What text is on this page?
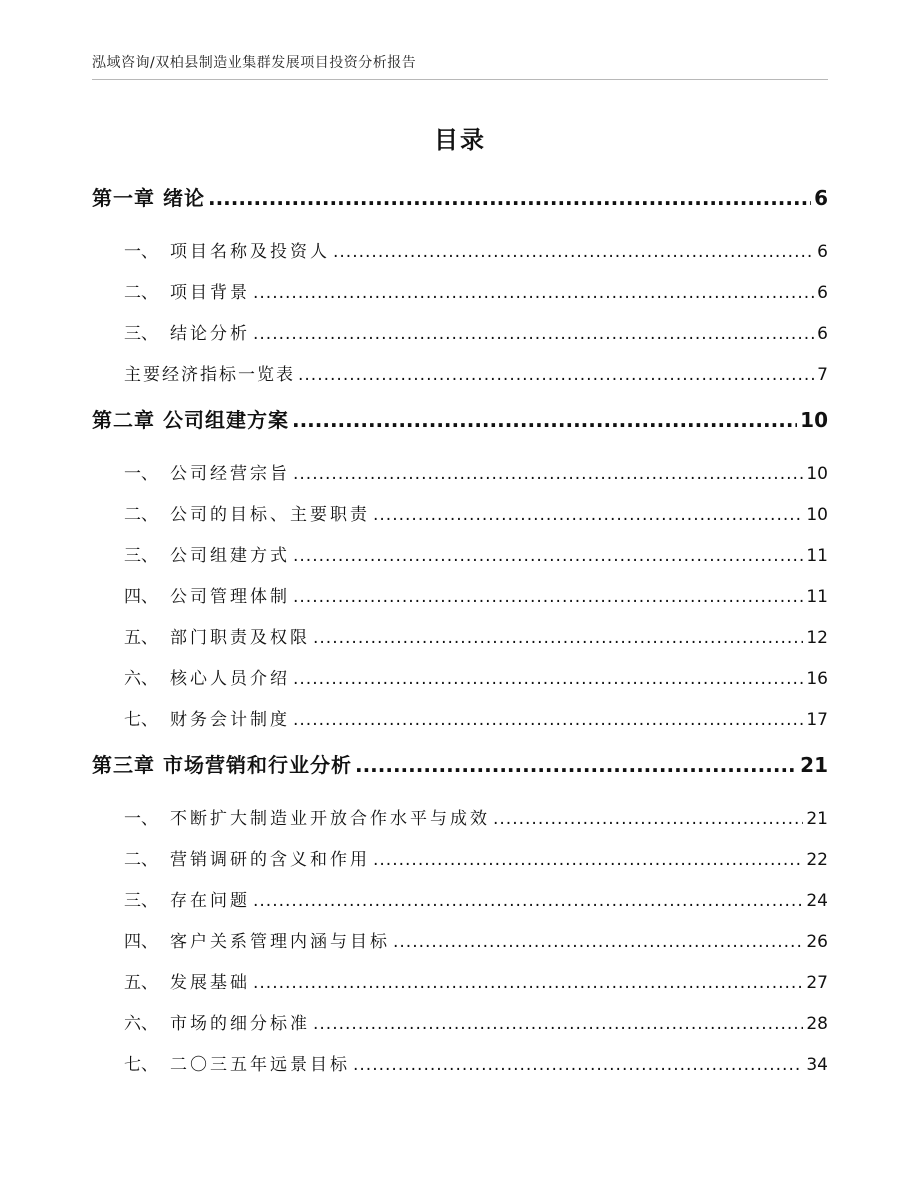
泓域咨询/双柏县制造业集群发展项目投资分析报告
目录
第一章 绪论 .....	6
一、 项目名称及投资人 .....	6
二、 项目背景 .....	6
三、 结论分析 .....	6
主要经济指标一览表 .....	7
第二章 公司组建方案 .....	10
一、 公司经营宗旨 .....	10
二、 公司的目标、主要职责 .....	10
三、 公司组建方式 .....	11
四、 公司管理体制 .....	11
五、 部门职责及权限 .....	12
六、 核心人员介绍 .....	16
七、 财务会计制度 .....	17
第三章 市场营销和行业分析 .....	21
一、 不断扩大制造业开放合作水平与成效 .....	21
二、 营销调研的含义和作用 .....	22
三、 存在问题 .....	24
四、 客户关系管理内涵与目标 .....	26
五、 发展基础 .....	27
六、 市场的细分标准 .....	28
七、 二〇三五年远景目标 .....	34
